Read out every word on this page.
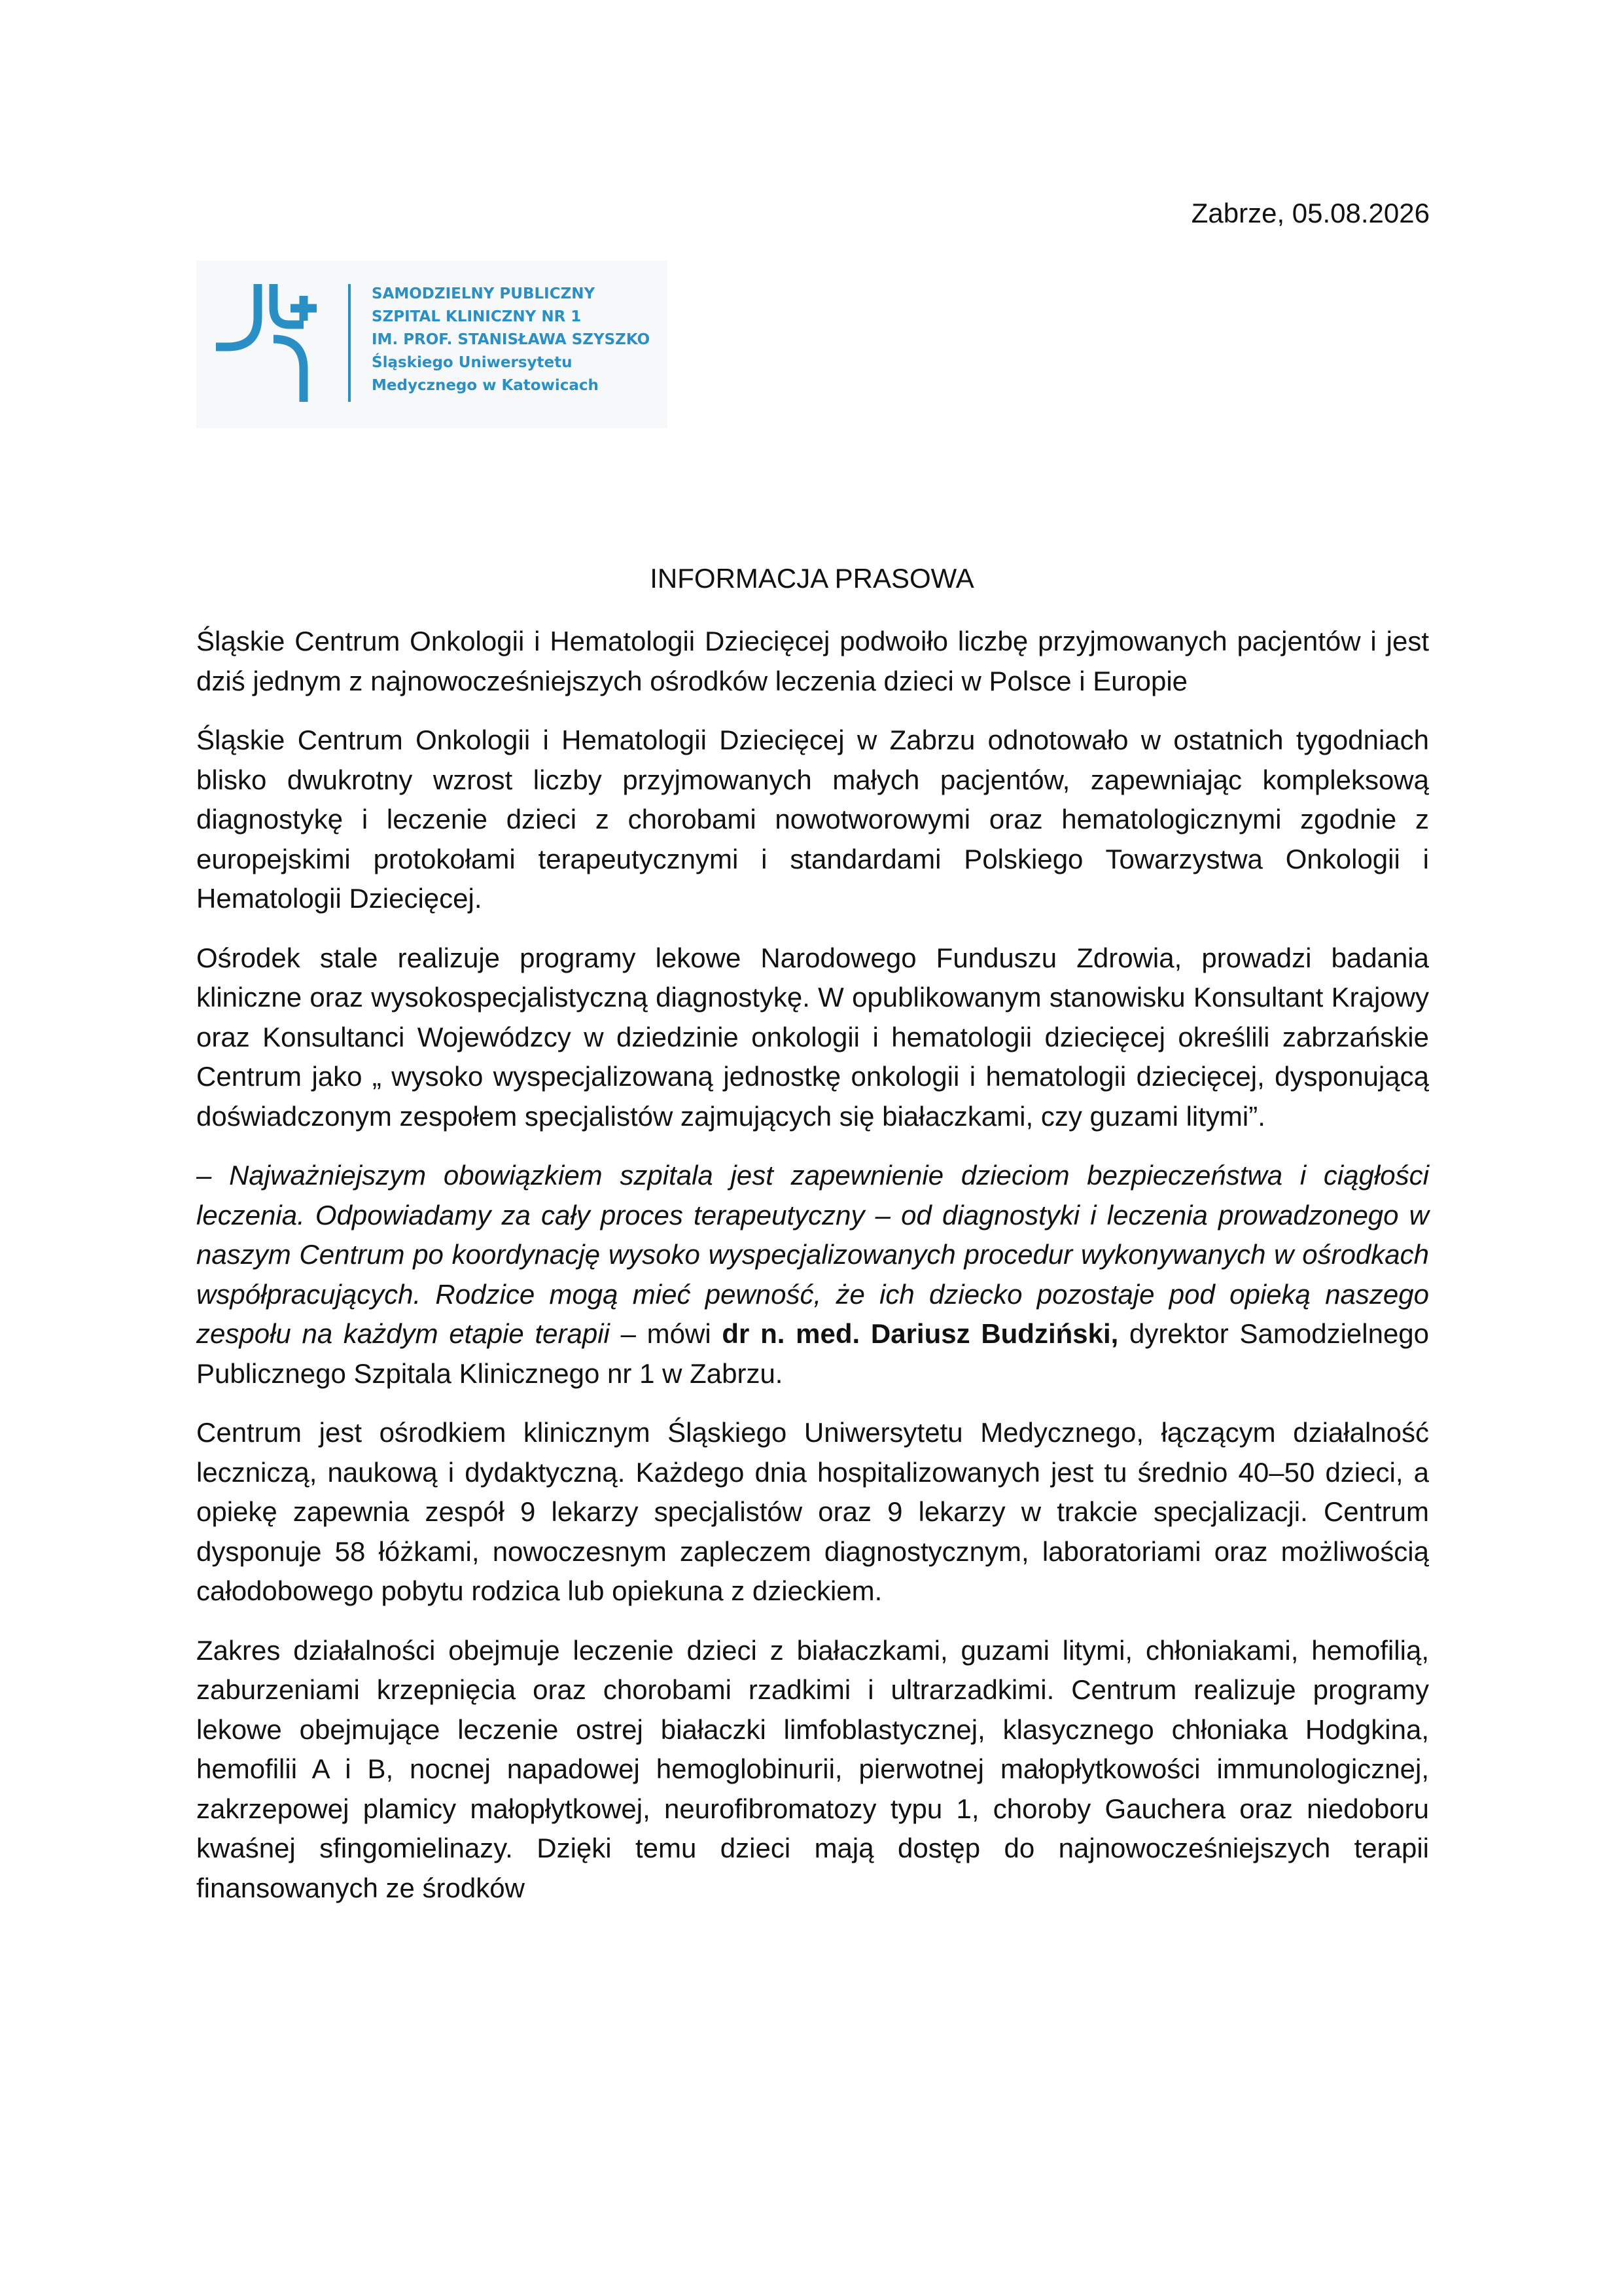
Zabrze, 05.08.2026
SAMODZIELNY PUBLICZNY
SZPITAL KLINICZNY NR 1
IM. PROF. STANISŁAWA SZYSZKO
Śląskiego Uniwersytetu
Medycznego w Katowicach
INFORMACJA PRASOWA

Śląskie Centrum Onkologii i Hematologii Dziecięcej podwoiło liczbę przyjmowanych pacjentów i jest dziś jednym z najnowocześniejszych ośrodków leczenia dzieci w Polsce i Europie

Śląskie Centrum Onkologii i Hematologii Dziecięcej w Zabrzu odnotowało w ostatnich tygodniach blisko dwukrotny wzrost liczby przyjmowanych małych pacjentów, zapewniając kompleksową diagnostykę i leczenie dzieci z chorobami nowotworowymi oraz hematologicznymi zgodnie z europejskimi protokołami terapeutycznymi i standardami Polskiego Towarzystwa Onkologii i Hematologii Dziecięcej.

Ośrodek stale realizuje programy lekowe Narodowego Funduszu Zdrowia, prowadzi badania kliniczne oraz wysokospecjalistyczną diagnostykę. W opublikowanym stanowisku Konsultant Krajowy oraz Konsultanci Wojewódzcy w dziedzinie onkologii i hematologii dziecięcej określili zabrzańskie Centrum jako „ wysoko wyspecjalizowaną jednostkę onkologii i hematologii dziecięcej, dysponującą doświadczonym zespołem specjalistów zajmujących się białaczkami, czy guzami litymi”.

– Najważniejszym obowiązkiem szpitala jest zapewnienie dzieciom bezpieczeństwa i ciągłości leczenia. Odpowiadamy za cały proces terapeutyczny – od diagnostyki i leczenia prowadzonego w naszym Centrum po koordynację wysoko wyspecjalizowanych procedur wykonywanych w ośrodkach współpracujących. Rodzice mogą mieć pewność, że ich dziecko pozostaje pod opieką naszego zespołu na każdym etapie terapii – mówi dr n. med. Dariusz Budziński, dyrektor Samodzielnego Publicznego Szpitala Klinicznego nr 1 w Zabrzu.

Centrum jest ośrodkiem klinicznym Śląskiego Uniwersytetu Medycznego, łączącym działalność leczniczą, naukową i dydaktyczną. Każdego dnia hospitalizowanych jest tu średnio 40–50 dzieci, a opiekę zapewnia zespół 9 lekarzy specjalistów oraz 9 lekarzy w trakcie specjalizacji. Centrum dysponuje 58 łóżkami, nowoczesnym zapleczem diagnostycznym, laboratoriami oraz możliwością całodobowego pobytu rodzica lub opiekuna z dzieckiem.

Zakres działalności obejmuje leczenie dzieci z białaczkami, guzami litymi, chłoniakami, hemofilią, zaburzeniami krzepnięcia oraz chorobami rzadkimi i ultrarzadkimi. Centrum realizuje programy lekowe obejmujące leczenie ostrej białaczki limfoblastycznej, klasycznego chłoniaka Hodgkina, hemofilii A i B, nocnej napadowej hemoglobinurii, pierwotnej małopłytkowości immunologicznej, zakrzepowej plamicy małopłytkowej, neurofibromatozy typu 1, choroby Gauchera oraz niedoboru kwaśnej sfingomielinazy. Dzięki temu dzieci mają dostęp do najnowocześniejszych terapii finansowanych ze środków
